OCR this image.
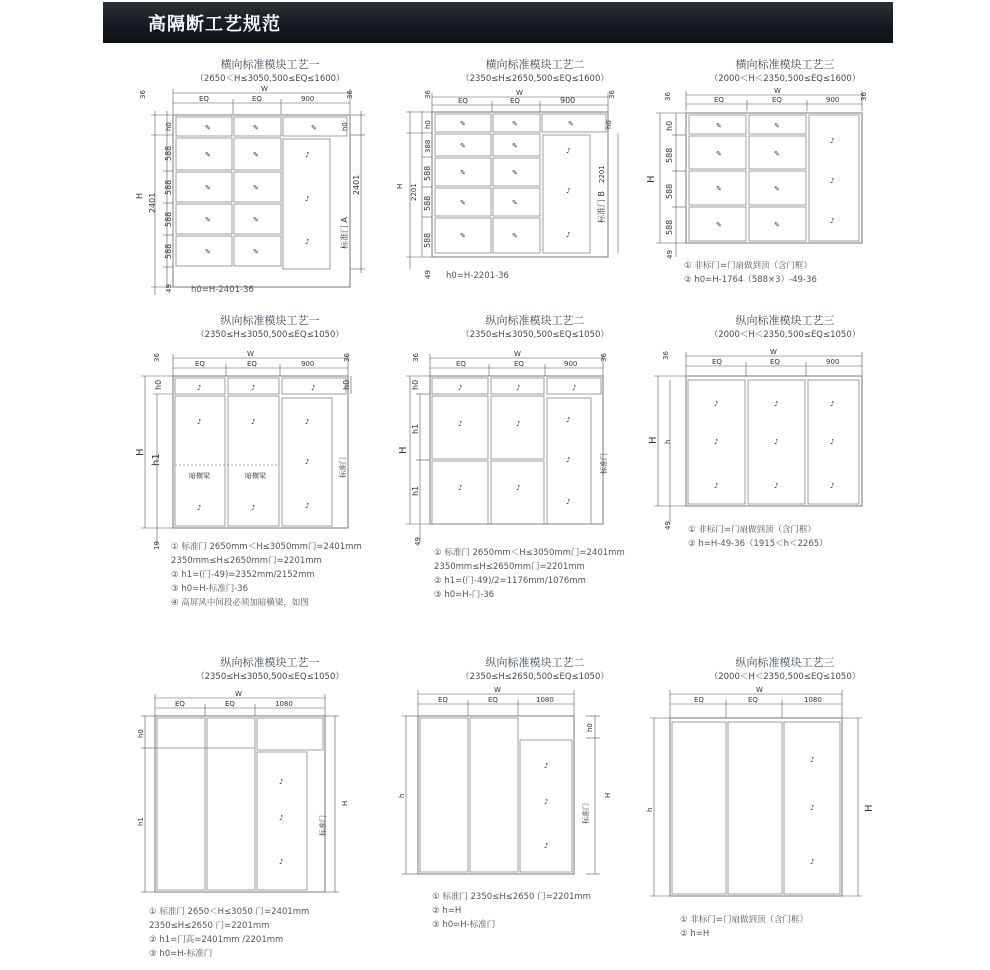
高隔断工艺规范
横向标准模块工艺一
（2650＜H≤3050,500≤EQ≤1600）
✎	✎	✎
✎	✎
✎	✎
✎	✎
✎	✎
♪
♪
♪
W
EQ	EQ	900
36	36
h0	h0
588
588
588
588
H 2401
49
2401
标准门 A
h0=H-2401-36
横向标准模块工艺二
（2350≤H≤2650,500≤EQ≤1600）
✎	✎	✎
✎	✎
✎	✎
✎	✎
✎	✎
♪
♪
♪
W
EQ	EQ	900
36	36
h0	h0
388
588
588
588
H 2201
49
2201
标准门 B
h0=H-2201-36
横向标准模块工艺三
（2000＜H＜2350,500≤EQ≤1600）
✎	✎
✎	✎
✎	✎
✎	✎
♪
♪
♪
W
EQ	EQ	900
36	36
h0
588
588
588
H
49
① 非标门=门扇做到顶（含门框）
② h0=H-1764（588×3）-49-36
纵向标准模块工艺一
（2350≤H≤3050,500≤EQ≤1050）
♪	♪	♪
♪	♪
♪	♪
♪
♪
♪
W
EQ	EQ	900
36	36
h0	h0
H
h1
19
标准门
暗横梁	暗横梁
① 标准门 2650mm＜H≤3050mm门=2401mm
2350mm≤H≤2650mm门=2201mm
② h1=(门-49)=2352mm/2152mm
③ h0=H-标准门-36
④ 高屏风中间段必须加暗横梁，如图
纵向标准模块工艺二
（2350≤H≤3050,500≤EQ≤1050）
♪	♪	♪
♪	♪
♪	♪
♪
♪
♪
W
EQ	EQ	900
36	36
h0
H
h1
h1
49
标准门
① 标准门 2650mm＜H≤3050mm门=2401mm
2350mm≤H≤2650mm门=2201mm
② h1=(门-49)/2=1176mm/1076mm
③ h0=H-门-36
纵向标准模块工艺三
（2000＜H＜2350,500≤EQ≤1050）
♪	♪	♪
♪	♪	♪
♪	♪	♪
W
EQ	EQ	900
36
H h
49 ① 非标门=门扇做到顶（含门框）
② h=H-49-36（1915＜h＜2265）
纵向标准模块工艺一
（2350≤H≤3050,500≤EQ≤1050）
♪
♪
♪
W
EQ	EQ	1080
h0
h1
H
标准门
① 标准门 2650＜H≤3050 门=2401mm
2350≤H≤2650 门=2201mm
② h1=门高=2401mm /2201mm
③ h0=H-标准门
纵向标准模块工艺二
（2350≤H≤2650,500≤EQ≤1050）
♪
♪
♪
W
EQ	EQ	1080
h0
h	H
标准门
① 标准门 2350≤H≤2650 门=2201mm
② h=H
③ h0=H-标准门
纵向标准模块工艺三
（2000＜H＜2350,500≤EQ≤1050）
♪
♪
♪
W
EQ	EQ	1080
h	H
① 非标门=门扇做到顶（含门框）
② h=H
